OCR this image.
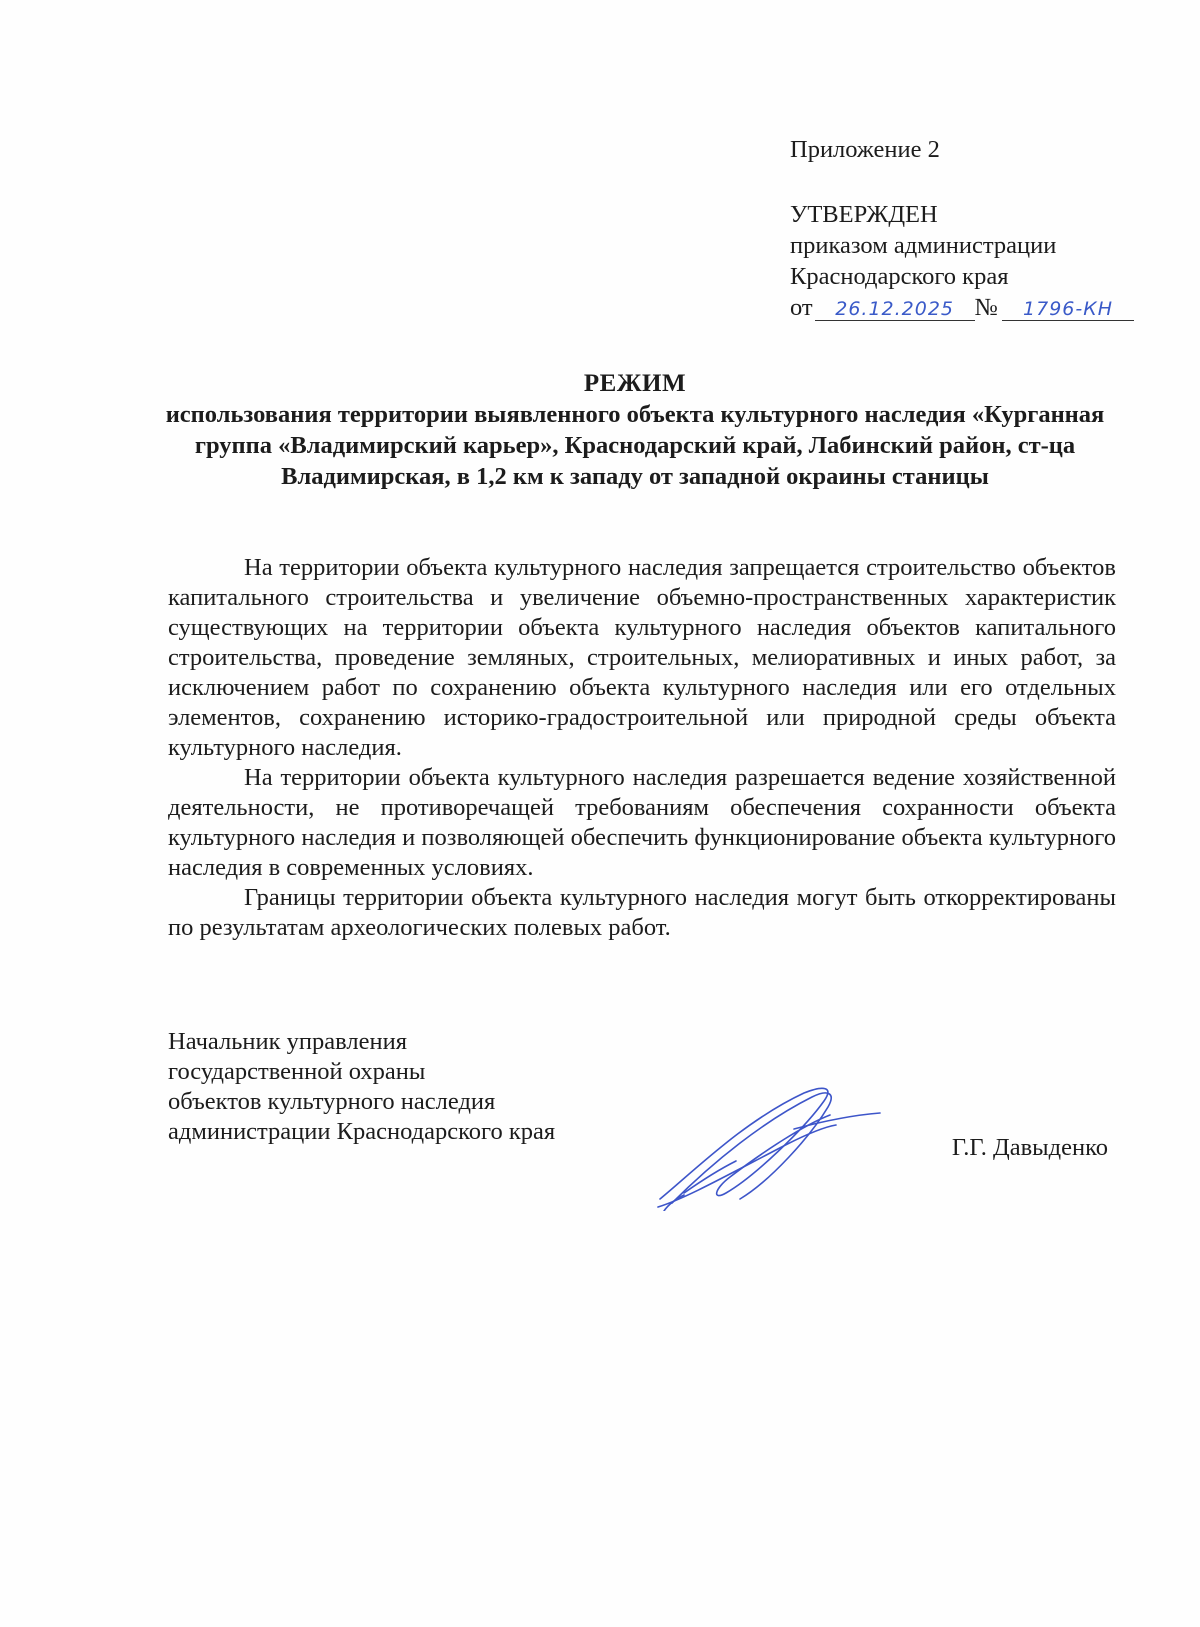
Приложение 2
УТВЕРЖДЕН
приказом администрации
Краснодарского края
от 26.12.2025 № 1796-КН
РЕЖИМ
использования территории выявленного объекта культурного наследия «Курганная группа «Владимирский карьер», Краснодарский край, Лабинский район, ст-ца Владимирская, в 1,2 км к западу от западной окраины станицы

На территории объекта культурного наследия запрещается строительство объектов капитального строительства и увеличение объемно-пространственных характеристик существующих на территории объекта культурного наследия объектов капитального строительства, проведение земляных, строительных, мелиоративных и иных работ, за исключением работ по сохранению объекта культурного наследия или его отдельных элементов, сохранению историко-градостроительной или природной среды объекта культурного наследия.

На территории объекта культурного наследия разрешается ведение хозяйственной деятельности, не противоречащей требованиям обеспечения сохранности объекта культурного наследия и позволяющей обеспечить функционирование объекта культурного наследия в современных условиях.

Границы территории объекта культурного наследия могут быть откорректированы по результатам археологических полевых работ.

Начальник управления
государственной охраны
объектов культурного наследия
администрации Краснодарского края
Г.Г. Давыденко
